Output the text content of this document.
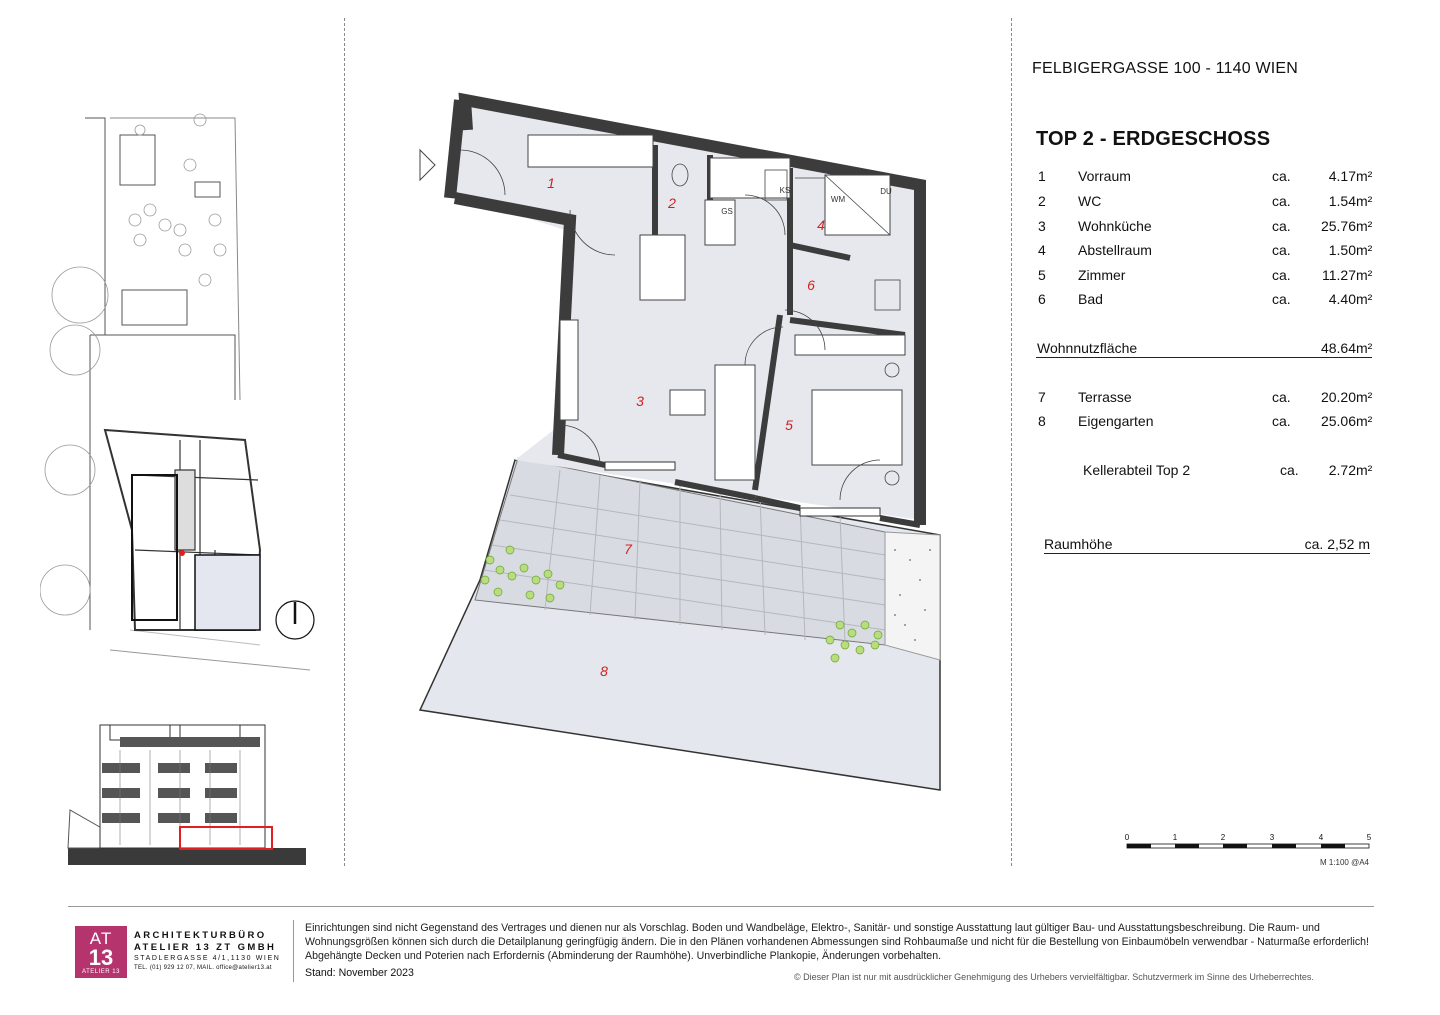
1
2
3
4
5
6
7
8
KS
GS
WM
DU
FELBIGERGASSE 100 - 1140 WIEN
TOP 2 - ERDGESCHOSS
1 Vorraum	ca.	4.17 m²
2 WC	ca.	1.54 m²
3 Wohnküche	ca.	25.76 m²
4 Abstellraum	ca.	1.50 m²
5 Zimmer	ca.	11.27 m²
6 Bad	ca.	4.40 m²
Wohnnutzfläche	48.64 m²
7 Terrasse	ca.	20.20 m²
8 Eigengarten	ca.	25.06 m²
Kellerabteil Top 2	ca.	2.72 m²
Raumhöhe	ca. 2,52 m
0	1	2	3	4	5
M 1:100 @A4
AT
13
ATELIER 13
ARCHITEKTURBÜRO
ATELIER 13 ZT GMBH
STADLERGASSE 4/1,1130 WIEN
TEL. (01) 929 12 07, MAIL. office@atelier13.at
Einrichtungen sind nicht Gegenstand des Vertrages und dienen nur als Vorschlag. Boden und Wandbeläge, Elektro-, Sanitär- und sonstige Ausstattung laut gültiger Bau- und Ausstattungsbeschreibung. Die Raum- und Wohnungsgrößen können sich durch die Detailplanung geringfügig ändern. Die in den Plänen vorhandenen Abmessungen sind Rohbaumaße und nicht für die Bestellung von Einbaumöbeln verwendbar - Naturmaße erforderlich! Abgehängte Decken und Poterien nach Erfordernis (Abminderung der Raumhöhe). Unverbindliche Plankopie, Änderungen vorbehalten.
Stand: November 2023	© Dieser Plan ist nur mit ausdrücklicher Genehmigung des Urhebers vervielfältigbar. Schutzvermerk im Sinne des Urheberrechtes.
